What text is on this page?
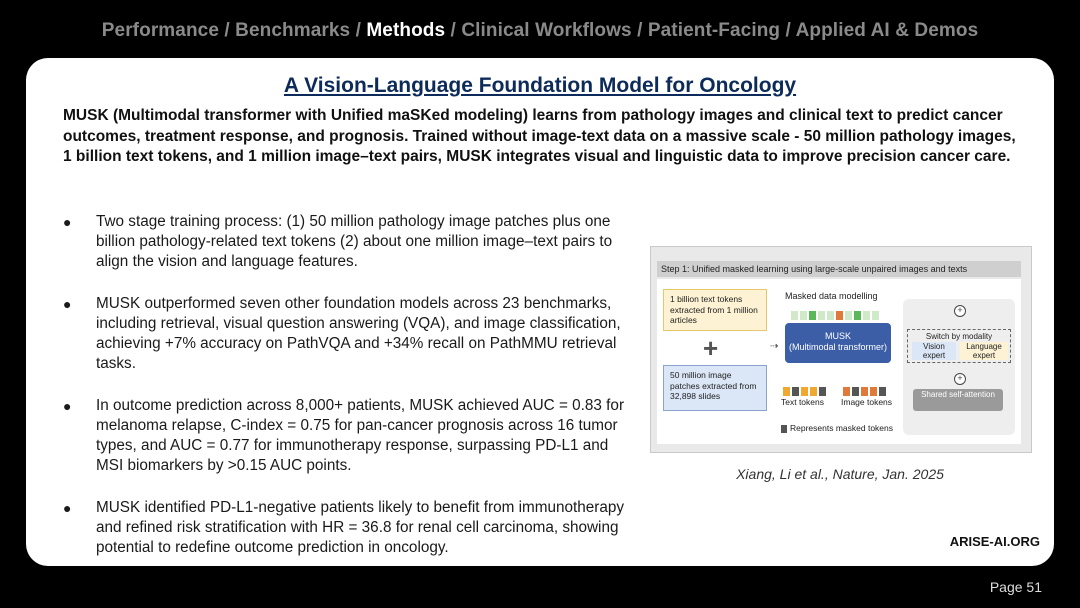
Performance / Benchmarks / Methods / Clinical Workflows / Patient-Facing / Applied AI & Demos
A Vision-Language Foundation Model for Oncology
MUSK (Multimodal transformer with Unified maSKed modeling) learns from pathology images and clinical text to predict cancer outcomes, treatment response, and prognosis. Trained without image-text data on a massive scale - 50 million pathology images, 1 billion text tokens, and 1 million image–text pairs, MUSK integrates visual and linguistic data to improve precision cancer care.
● Two stage training process: (1) 50 million pathology image patches plus one billion pathology-related text tokens (2) about one million image–text pairs to align the vision and language features.
● MUSK outperformed seven other foundation models across 23 benchmarks, including retrieval, visual question answering (VQA), and image classification, achieving +7% accuracy on PathVQA and +34% recall on PathMMU retrieval tasks.
● In outcome prediction across 8,000+ patients, MUSK achieved AUC = 0.83 for melanoma relapse, C-index = 0.75 for pan-cancer prognosis across 16 tumor types, and AUC = 0.77 for immunotherapy response, surpassing PD-L1 and MSI biomarkers by >0.15 AUC points.
● MUSK identified PD-L1-negative patients likely to benefit from immunotherapy and refined risk stratification with HR = 36.8 for renal cell carcinoma, showing potential to redefine outcome prediction in oncology.
Step 1: Unified masked learning using large-scale unpaired images and texts
1 billion text tokens extracted from 1 million articles
+
50 million image patches extracted from 32,898 slides
⇢
Masked data modelling
MUSK
(Multimodal transformer)
Text tokens Image tokens
Represents masked tokens
+
Switch by modality
Vision expert
Language expert
+
Shared self-attention
Xiang, Li et al., Nature, Jan. 2025
ARISE-AI.ORG
Page 51
